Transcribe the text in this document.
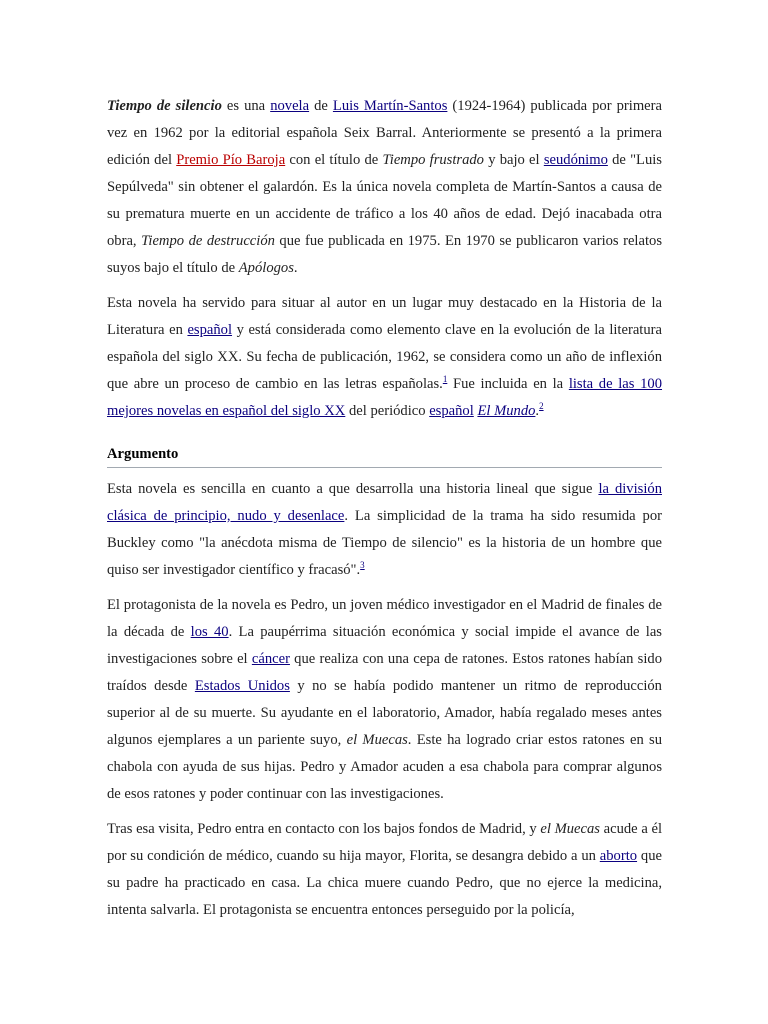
Tiempo de silencio es una novela de Luis Martín-Santos (1924-1964) publicada por primera vez en 1962 por la editorial española Seix Barral. Anteriormente se presentó a la primera edición del Premio Pío Baroja con el título de Tiempo frustrado y bajo el seudónimo de "Luis Sepúlveda" sin obtener el galardón. Es la única novela completa de Martín-Santos a causa de su prematura muerte en un accidente de tráfico a los 40 años de edad. Dejó inacabada otra obra, Tiempo de destrucción que fue publicada en 1975. En 1970 se publicaron varios relatos suyos bajo el título de Apólogos.

Esta novela ha servido para situar al autor en un lugar muy destacado en la Historia de la Literatura en español y está considerada como elemento clave en la evolución de la literatura española del siglo XX. Su fecha de publicación, 1962, se considera como un año de inflexión que abre un proceso de cambio en las letras españolas.$^1$ Fue incluida en la lista de las 100 mejores novelas en español del siglo XX del periódico español El Mundo.$^2$

Argumento

Esta novela es sencilla en cuanto a que desarrolla una historia lineal que sigue la división clásica de principio, nudo y desenlace. La simplicidad de la trama ha sido resumida por Buckley como "la anécdota misma de Tiempo de silencio" es la historia de un hombre que quiso ser investigador científico y fracasó".$^3$

El protagonista de la novela es Pedro, un joven médico investigador en el Madrid de finales de la década de los 40. La paupérrima situación económica y social impide el avance de las investigaciones sobre el cáncer que realiza con una cepa de ratones. Estos ratones habían sido traídos desde Estados Unidos y no se había podido mantener un ritmo de reproducción superior al de su muerte. Su ayudante en el laboratorio, Amador, había regalado meses antes algunos ejemplares a un pariente suyo, el Muecas. Este ha logrado criar estos ratones en su chabola con ayuda de sus hijas. Pedro y Amador acuden a esa chabola para comprar algunos de esos ratones y poder continuar con las investigaciones.

Tras esa visita, Pedro entra en contacto con los bajos fondos de Madrid, y el Muecas acude a él por su condición de médico, cuando su hija mayor, Florita, se desangra debido a un aborto que su padre ha practicado en casa. La chica muere cuando Pedro, que no ejerce la medicina, intenta salvarla. El protagonista se encuentra entonces perseguido por la policía,
